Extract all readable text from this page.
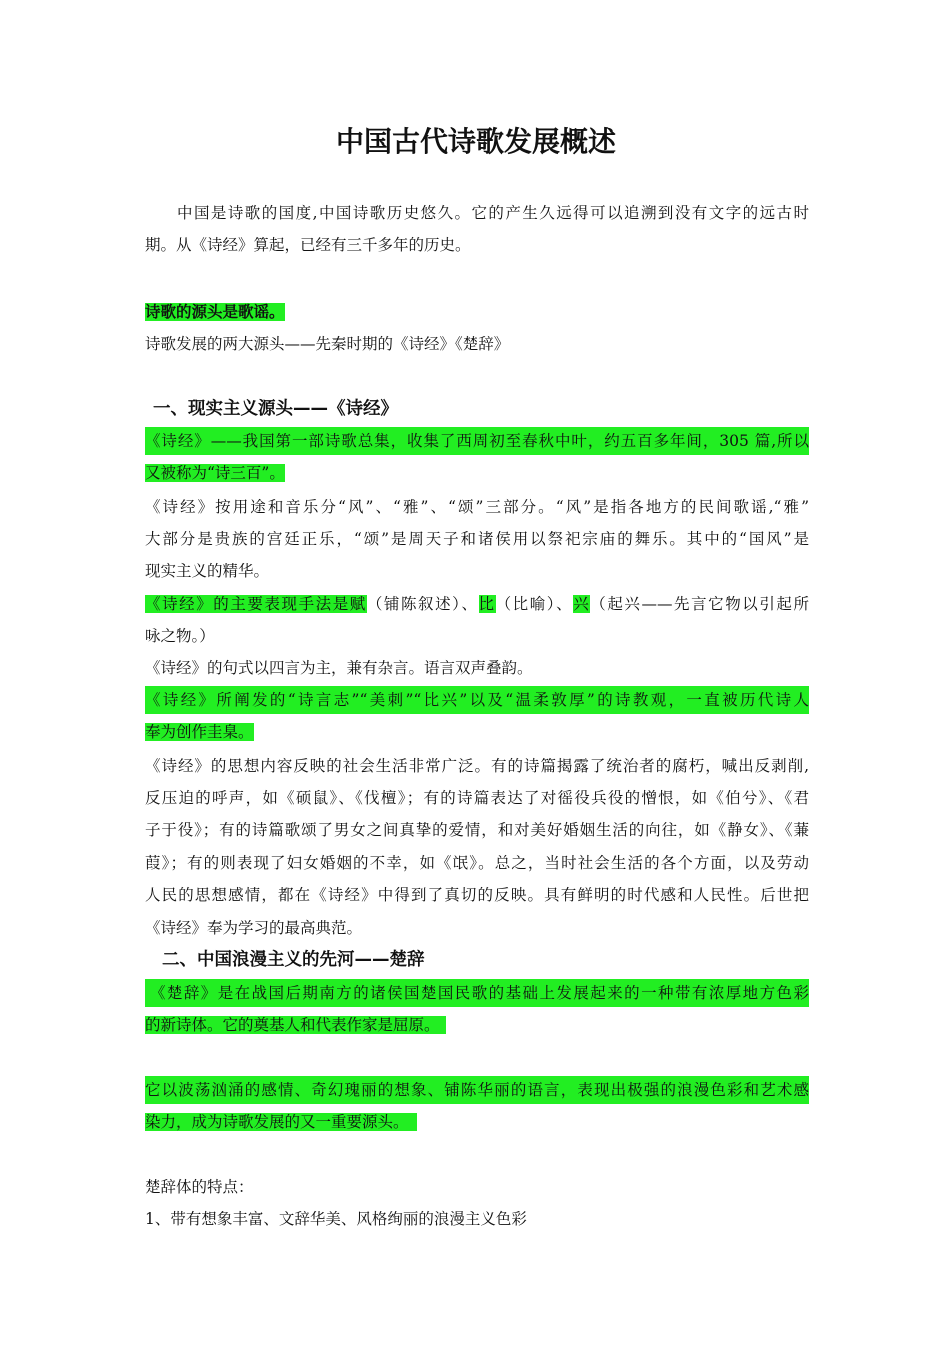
中国古代诗歌发展概述

中国是诗歌的国度,中国诗歌历史悠久。它的产生久远得可以追溯到没有文字的远古时

期。从《诗经》算起，已经有三千多年的历史。

诗歌的源头是歌谣。

诗歌发展的两大源头——先秦时期的《诗经》《楚辞》

一、现实主义源头——《诗经》

《诗经》——我国第一部诗歌总集，收集了西周初至春秋中叶，约五百多年间，305 篇,所以

又被称为“诗三百”。

《诗经》按用途和音乐分“风”、“雅”、“颂”三部分。“风”是指各地方的民间歌谣,“雅”

大部分是贵族的宫廷正乐，“颂”是周天子和诸侯用以祭祀宗庙的舞乐。其中的“国风”是

现实主义的精华。

《诗经》的主要表现手法是赋（铺陈叙述）、比（比喻）、兴（起兴——先言它物以引起所

咏之物。）

《诗经》的句式以四言为主，兼有杂言。语言双声叠韵。

《诗经》所阐发的“诗言志”“美刺”“比兴”以及“温柔敦厚”的诗教观，一直被历代诗人

奉为创作圭臬。

《诗经》的思想内容反映的社会生活非常广泛。有的诗篇揭露了统治者的腐朽，喊出反剥削,

反压迫的呼声，如《硕鼠》、《伐檀》；有的诗篇表达了对徭役兵役的憎恨，如《伯兮》、《君

子于役》；有的诗篇歌颂了男女之间真挚的爱情，和对美好婚姻生活的向往，如《静女》、《蒹

葭》；有的则表现了妇女婚姻的不幸，如《氓》。总之，当时社会生活的各个方面，以及劳动

人民的思想感情，都在《诗经》中得到了真切的反映。具有鲜明的时代感和人民性。后世把

《诗经》奉为学习的最高典范。

二、中国浪漫主义的先河——楚辞

《楚辞》是在战国后期南方的诸侯国楚国民歌的基础上发展起来的一种带有浓厚地方色彩

的新诗体。它的奠基人和代表作家是屈原。

它以波荡汹涌的感情、奇幻瑰丽的想象、铺陈华丽的语言，表现出极强的浪漫色彩和艺术感

染力，成为诗歌发展的又一重要源头。

楚辞体的特点：

1、带有想象丰富、文辞华美、风格绚丽的浪漫主义色彩
